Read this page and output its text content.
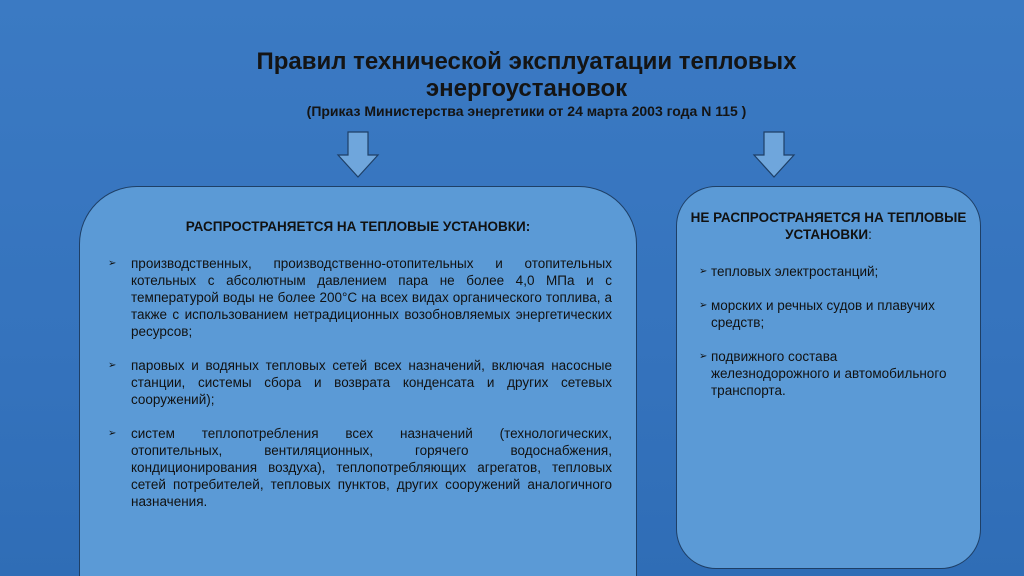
Правил технической эксплуатации тепловых
энергоустановок
(Приказ Министерства энергетики от 24 марта 2003 года N 115 )
РАСПРОСТРАНЯЕТСЯ НА ТЕПЛОВЫЕ УСТАНОВКИ:
➢ производственных, производственно-отопительных и отопительных котельных с абсолютным давлением пара не более 4,0 МПа и с температурой воды не более 200°С на всех видах органического топлива, а также с использованием нетрадиционных возобновляемых энергетических ресурсов;
➢ паровых и водяных тепловых сетей всех назначений, включая насосные станции, системы сбора и возврата конденсата и других сетевых сооружений);
➢ систем теплопотребления всех назначений (технологических, отопительных, вентиляционных, горячего водоснабжения, кондиционирования воздуха), теплопотребляющих агрегатов, тепловых сетей потребителей, тепловых пунктов, других сооружений аналогичного назначения.
НЕ РАСПРОСТРАНЯЕТСЯ НА ТЕПЛОВЫЕ УСТАНОВКИ:
➢ тепловых электростанций;
➢ морских и речных судов и плавучих средств;
➢ подвижного состава железнодорожного и автомобильного транспорта.
